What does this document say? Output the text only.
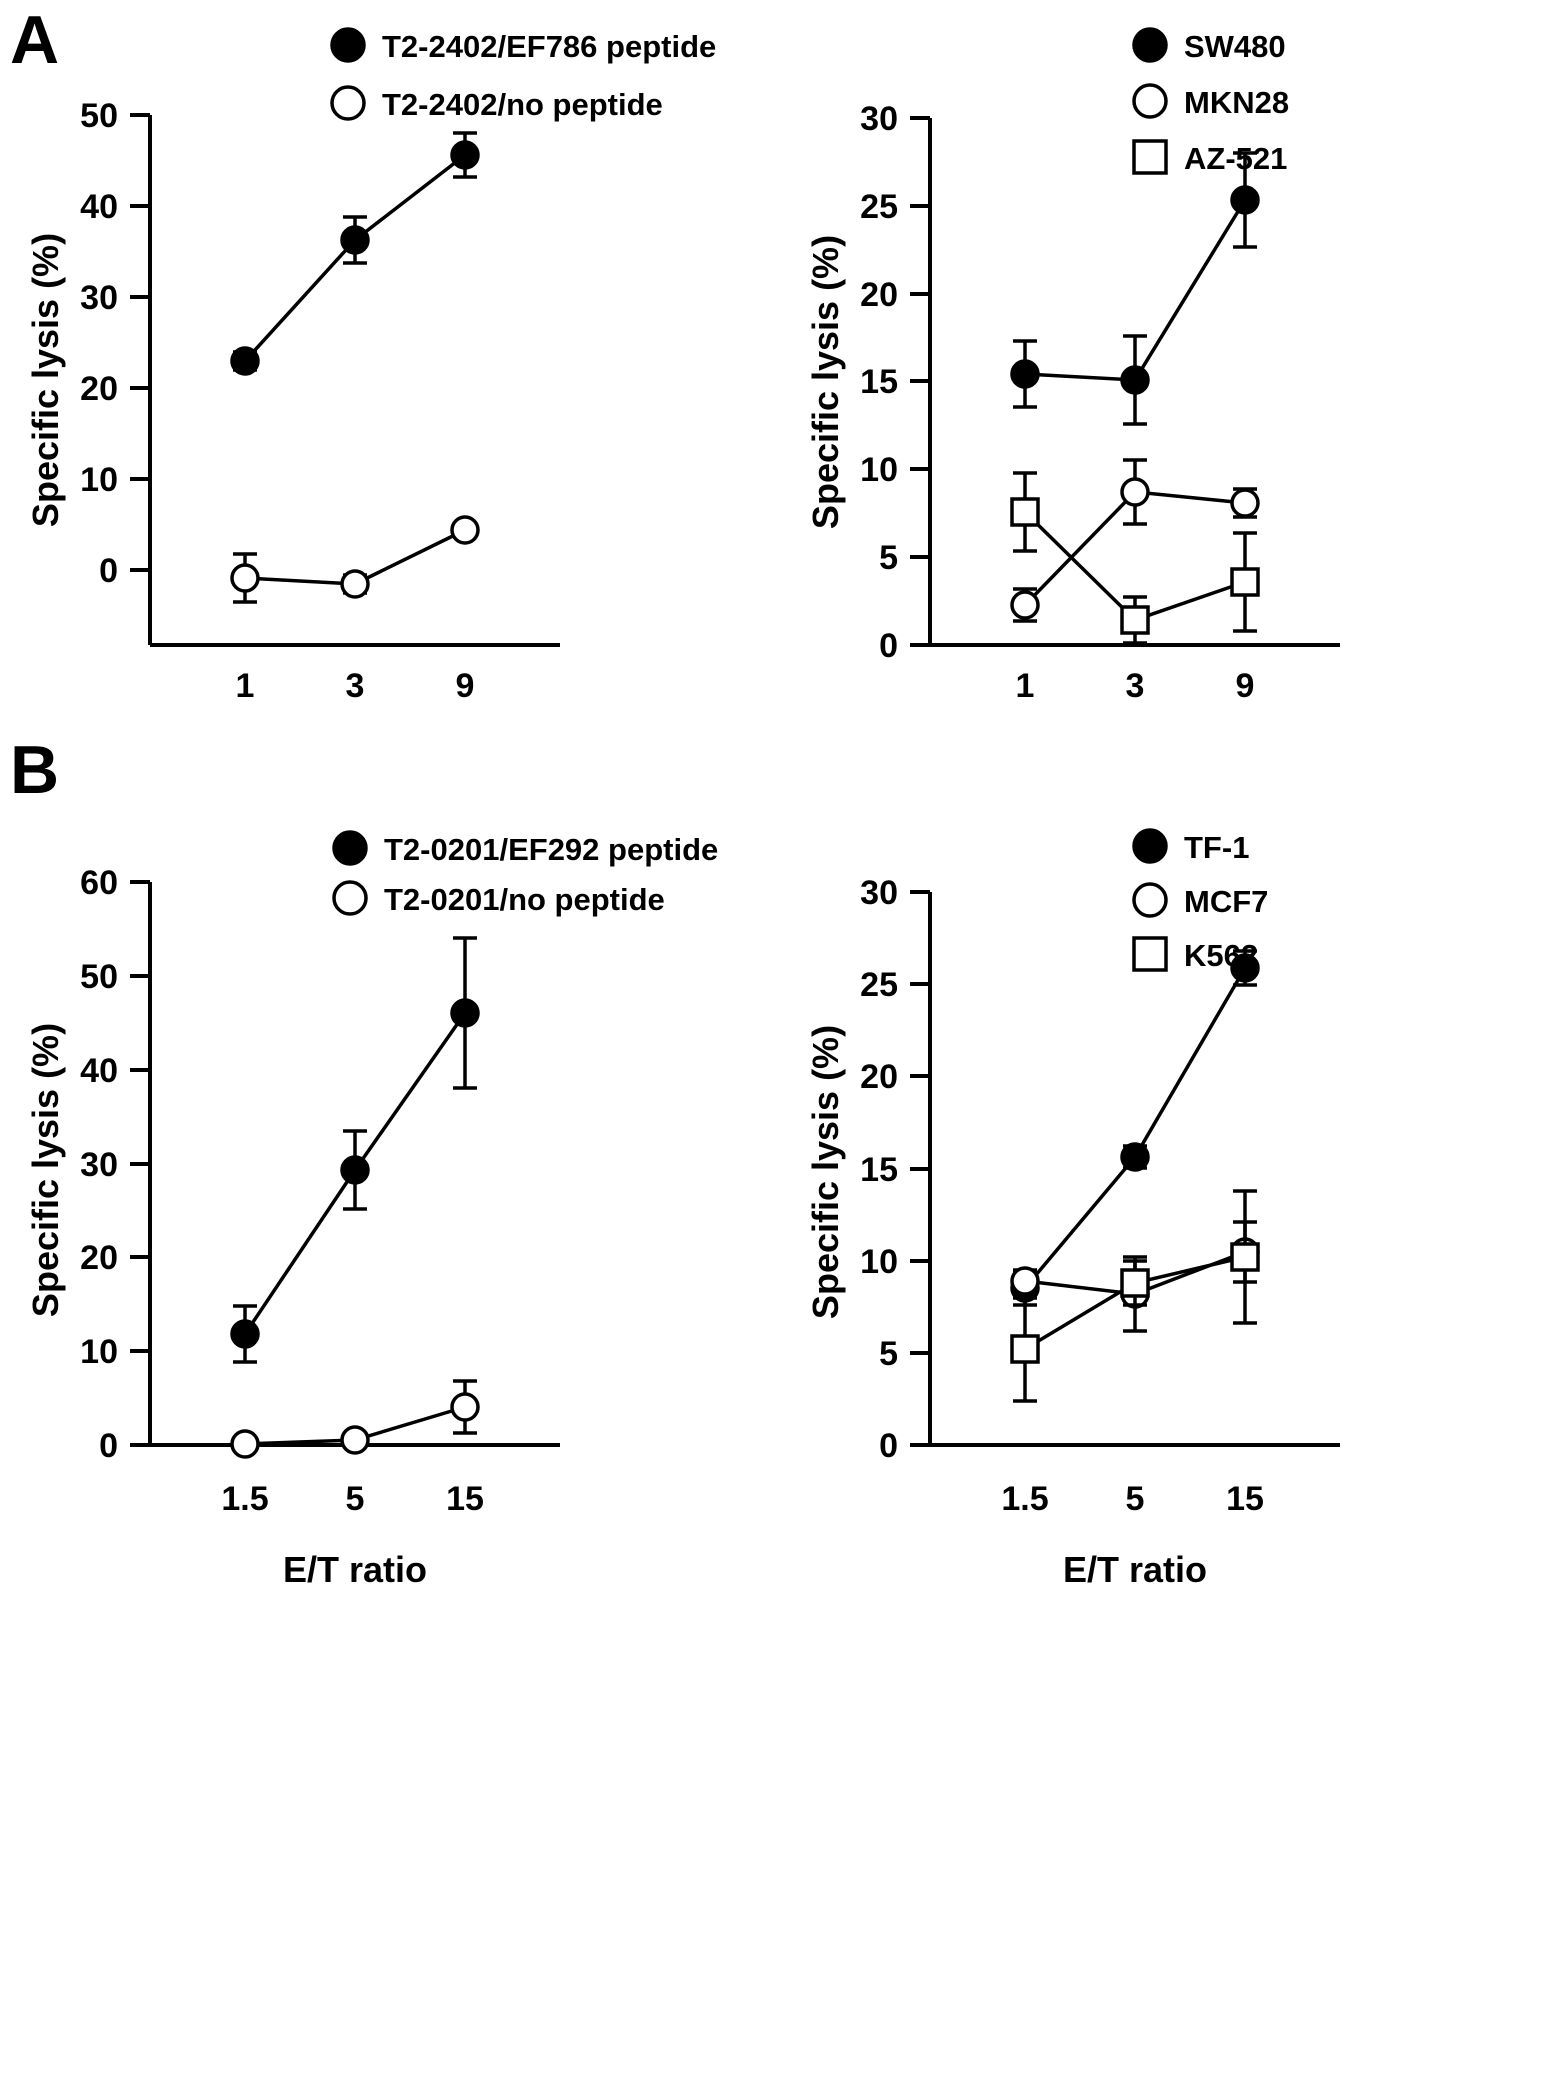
A
B
0
10
20
30
40
50
1	3	9
Specific lysis (%)
T2-2402/EF786 peptide
T2-2402/no peptide
0
5
10
15
20
25
30
1	3	9
Specific lysis (%)
SW480
MKN28
AZ-521
0
10
20
30
40
50
60
1.5 5 15
Specific lysis (%)
E/T ratio
T2-0201/EF292 peptide
T2-0201/no peptide
0
5
10
15
20
25
30
1.5 5 15
Specific lysis (%)
E/T ratio
TF-1
MCF7
K562
